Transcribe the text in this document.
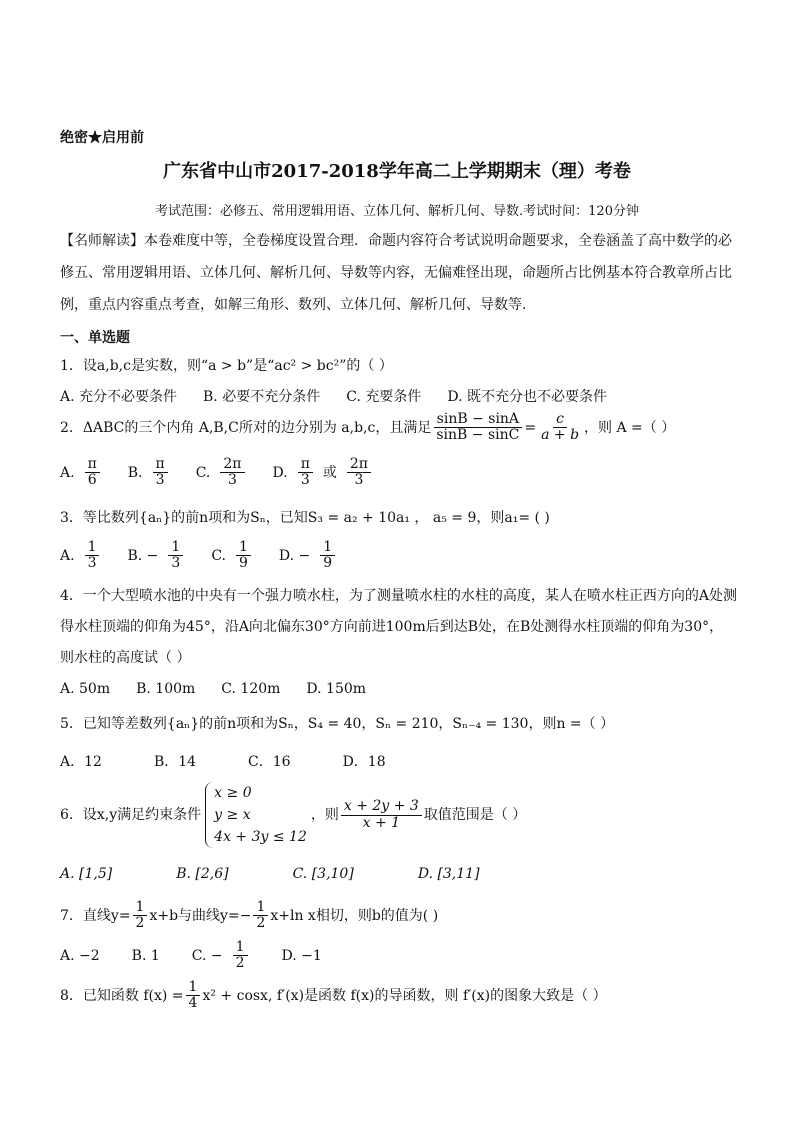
绝密★启用前
广东省中山市2017-2018学年高二上学期期末（理）考卷
考试范围：必修五、常用逻辑用语、立体几何、解析几何、导数.考试时间：120分钟
【名师解读】本卷难度中等，全卷梯度设置合理．命题内容符合考试说明命题要求，全卷涵盖了高中数学的必修五、常用逻辑用语、立体几何、解析几何、导数等内容，无偏难怪出现，命题所占比例基本符合教章所占比例，重点内容重点考查，如解三角形、数列、立体几何、解析几何、导数等.
一、单选题
1．设a,b,c是实数，则“a > b”是“ac² > bc²”的（ ）
A. 充分不必要条件 B. 必要不充分条件 C. 充要条件 D. 既不充分也不必要条件
2．ΔABC的三个内角 A,B,C所对的边分别为 a,b,c，且满足 $\frac{\sin B - \sin A}{\sin B - \sin C} = \frac{c}{a + b}$ ，则 A =（ ）
A. $\frac{\pi}{6} B$. $\frac{\pi}{3} C$. $\frac{2\pi}{3} D$. $\frac{\pi}{3}$ 或 $\frac{2\pi}{3}$
3．等比数列{aₙ}的前n项和为Sₙ，已知S₃ = a₂ + 10a₁ ， a₅ = 9，则a₁= ( )
A. $\frac{1}{3} B$. − $\frac{1}{3} C$. $\frac{1}{9} D$. − $\frac{1}{9}$
4．一个大型喷水池的中央有一个强力喷水柱，为了测量喷水柱的水柱的高度，某人在喷水柱正西方向的A处测
得水柱顶端的仰角为45°，沿A向北偏东30°方向前进100m后到达B处，在B处测得水柱顶端的仰角为30°，
则水柱的高度试（ ）
A. 50m B. 100m C. 120m D. 150m
5．已知等差数列{aₙ}的前n项和为Sₙ，S₄ = 40，Sₙ = 210，Sₙ₋₄ = 130，则n =（ ）
A．12	B．14	C．16	D．18
6．设x,y满足约束条件
x ≥ 0
y ≥ x
4x + 3y ≤ 12
，则 $\frac{x + 2y + 3}{x + 1}$ 取值范围是（ ）
A. [1,5]	B. [2,6]	C. [3,10]	D. [3,11]
7．直线$y= \frac{1}{2} x+b$与曲线$y=- \frac{1}{2} x+\ln$ x相切，则b的值为( )
A. −2 B. 1 C. − $\frac{1}{2} D$. −1
8．已知函数 $f(x) = \frac{1}{4} x^2 + \cos x$, f′(x)是函数 f(x)的导函数，则 f′(x)的图象大致是（ ）
